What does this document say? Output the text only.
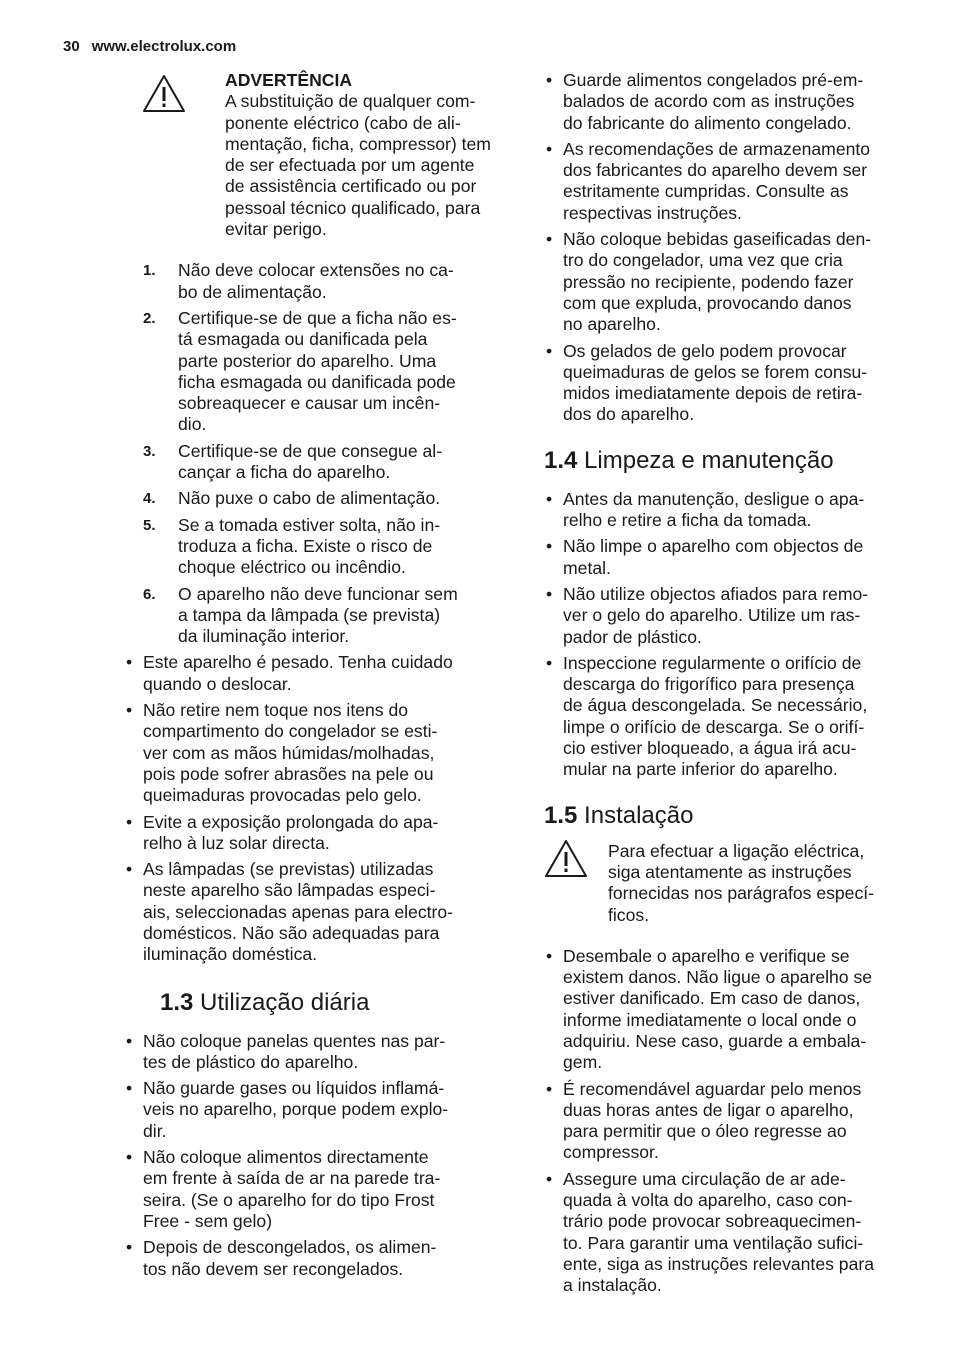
30 www.electrolux.com
ADVERTÊNCIA
A substituição de qualquer com-
ponente eléctrico (cabo de ali-
mentação, ficha, compressor) tem
de ser efectuada por um agente
de assistência certificado ou por
pessoal técnico qualificado, para
evitar perigo.
1. Não deve colocar extensões no ca-
bo de alimentação.
2. Certifique-se de que a ficha não es-
tá esmagada ou danificada pela
parte posterior do aparelho. Uma
ficha esmagada ou danificada pode
sobreaquecer e causar um incên-
dio.
3. Certifique-se de que consegue al-
cançar a ficha do aparelho.
4. Não puxe o cabo de alimentação.
5. Se a tomada estiver solta, não in-
troduza a ficha. Existe o risco de
choque eléctrico ou incêndio.
6. O aparelho não deve funcionar sem
a tampa da lâmpada (se prevista)
da iluminação interior.
• Este aparelho é pesado. Tenha cuidado
quando o deslocar.
• Não retire nem toque nos itens do
compartimento do congelador se esti-
ver com as mãos húmidas/molhadas,
pois pode sofrer abrasões na pele ou
queimaduras provocadas pelo gelo.
• Evite a exposição prolongada do apa-
relho à luz solar directa.
• As lâmpadas (se previstas) utilizadas
neste aparelho são lâmpadas especi-
ais, seleccionadas apenas para electro-
domésticos. Não são adequadas para
iluminação doméstica.
1.3 Utilização diária
• Não coloque panelas quentes nas par-
tes de plástico do aparelho.
• Não guarde gases ou líquidos inflamá-
veis no aparelho, porque podem explo-
dir.
• Não coloque alimentos directamente
em frente à saída de ar na parede tra-
seira. (Se o aparelho for do tipo Frost
Free - sem gelo)
• Depois de descongelados, os alimen-
tos não devem ser recongelados.
• Guarde alimentos congelados pré-em-
balados de acordo com as instruções
do fabricante do alimento congelado.
• As recomendações de armazenamento
dos fabricantes do aparelho devem ser
estritamente cumpridas. Consulte as
respectivas instruções.
• Não coloque bebidas gaseificadas den-
tro do congelador, uma vez que cria
pressão no recipiente, podendo fazer
com que expluda, provocando danos
no aparelho.
• Os gelados de gelo podem provocar
queimaduras de gelos se forem consu-
midos imediatamente depois de retira-
dos do aparelho.
1.4 Limpeza e manutenção
• Antes da manutenção, desligue o apa-
relho e retire a ficha da tomada.
• Não limpe o aparelho com objectos de
metal.
• Não utilize objectos afiados para remo-
ver o gelo do aparelho. Utilize um ras-
pador de plástico.
• Inspeccione regularmente o orifício de
descarga do frigorífico para presença
de água descongelada. Se necessário,
limpe o orifício de descarga. Se o orifí-
cio estiver bloqueado, a água irá acu-
mular na parte inferior do aparelho.
1.5 Instalação
Para efectuar a ligação eléctrica,
siga atentamente as instruções
fornecidas nos parágrafos especí-
ficos.
• Desembale o aparelho e verifique se
existem danos. Não ligue o aparelho se
estiver danificado. Em caso de danos,
informe imediatamente o local onde o
adquiriu. Nese caso, guarde a embala-
gem.
• É recomendável aguardar pelo menos
duas horas antes de ligar o aparelho,
para permitir que o óleo regresse ao
compressor.
• Assegure uma circulação de ar ade-
quada à volta do aparelho, caso con-
trário pode provocar sobreaquecimen-
to. Para garantir uma ventilação sufici-
ente, siga as instruções relevantes para
a instalação.
